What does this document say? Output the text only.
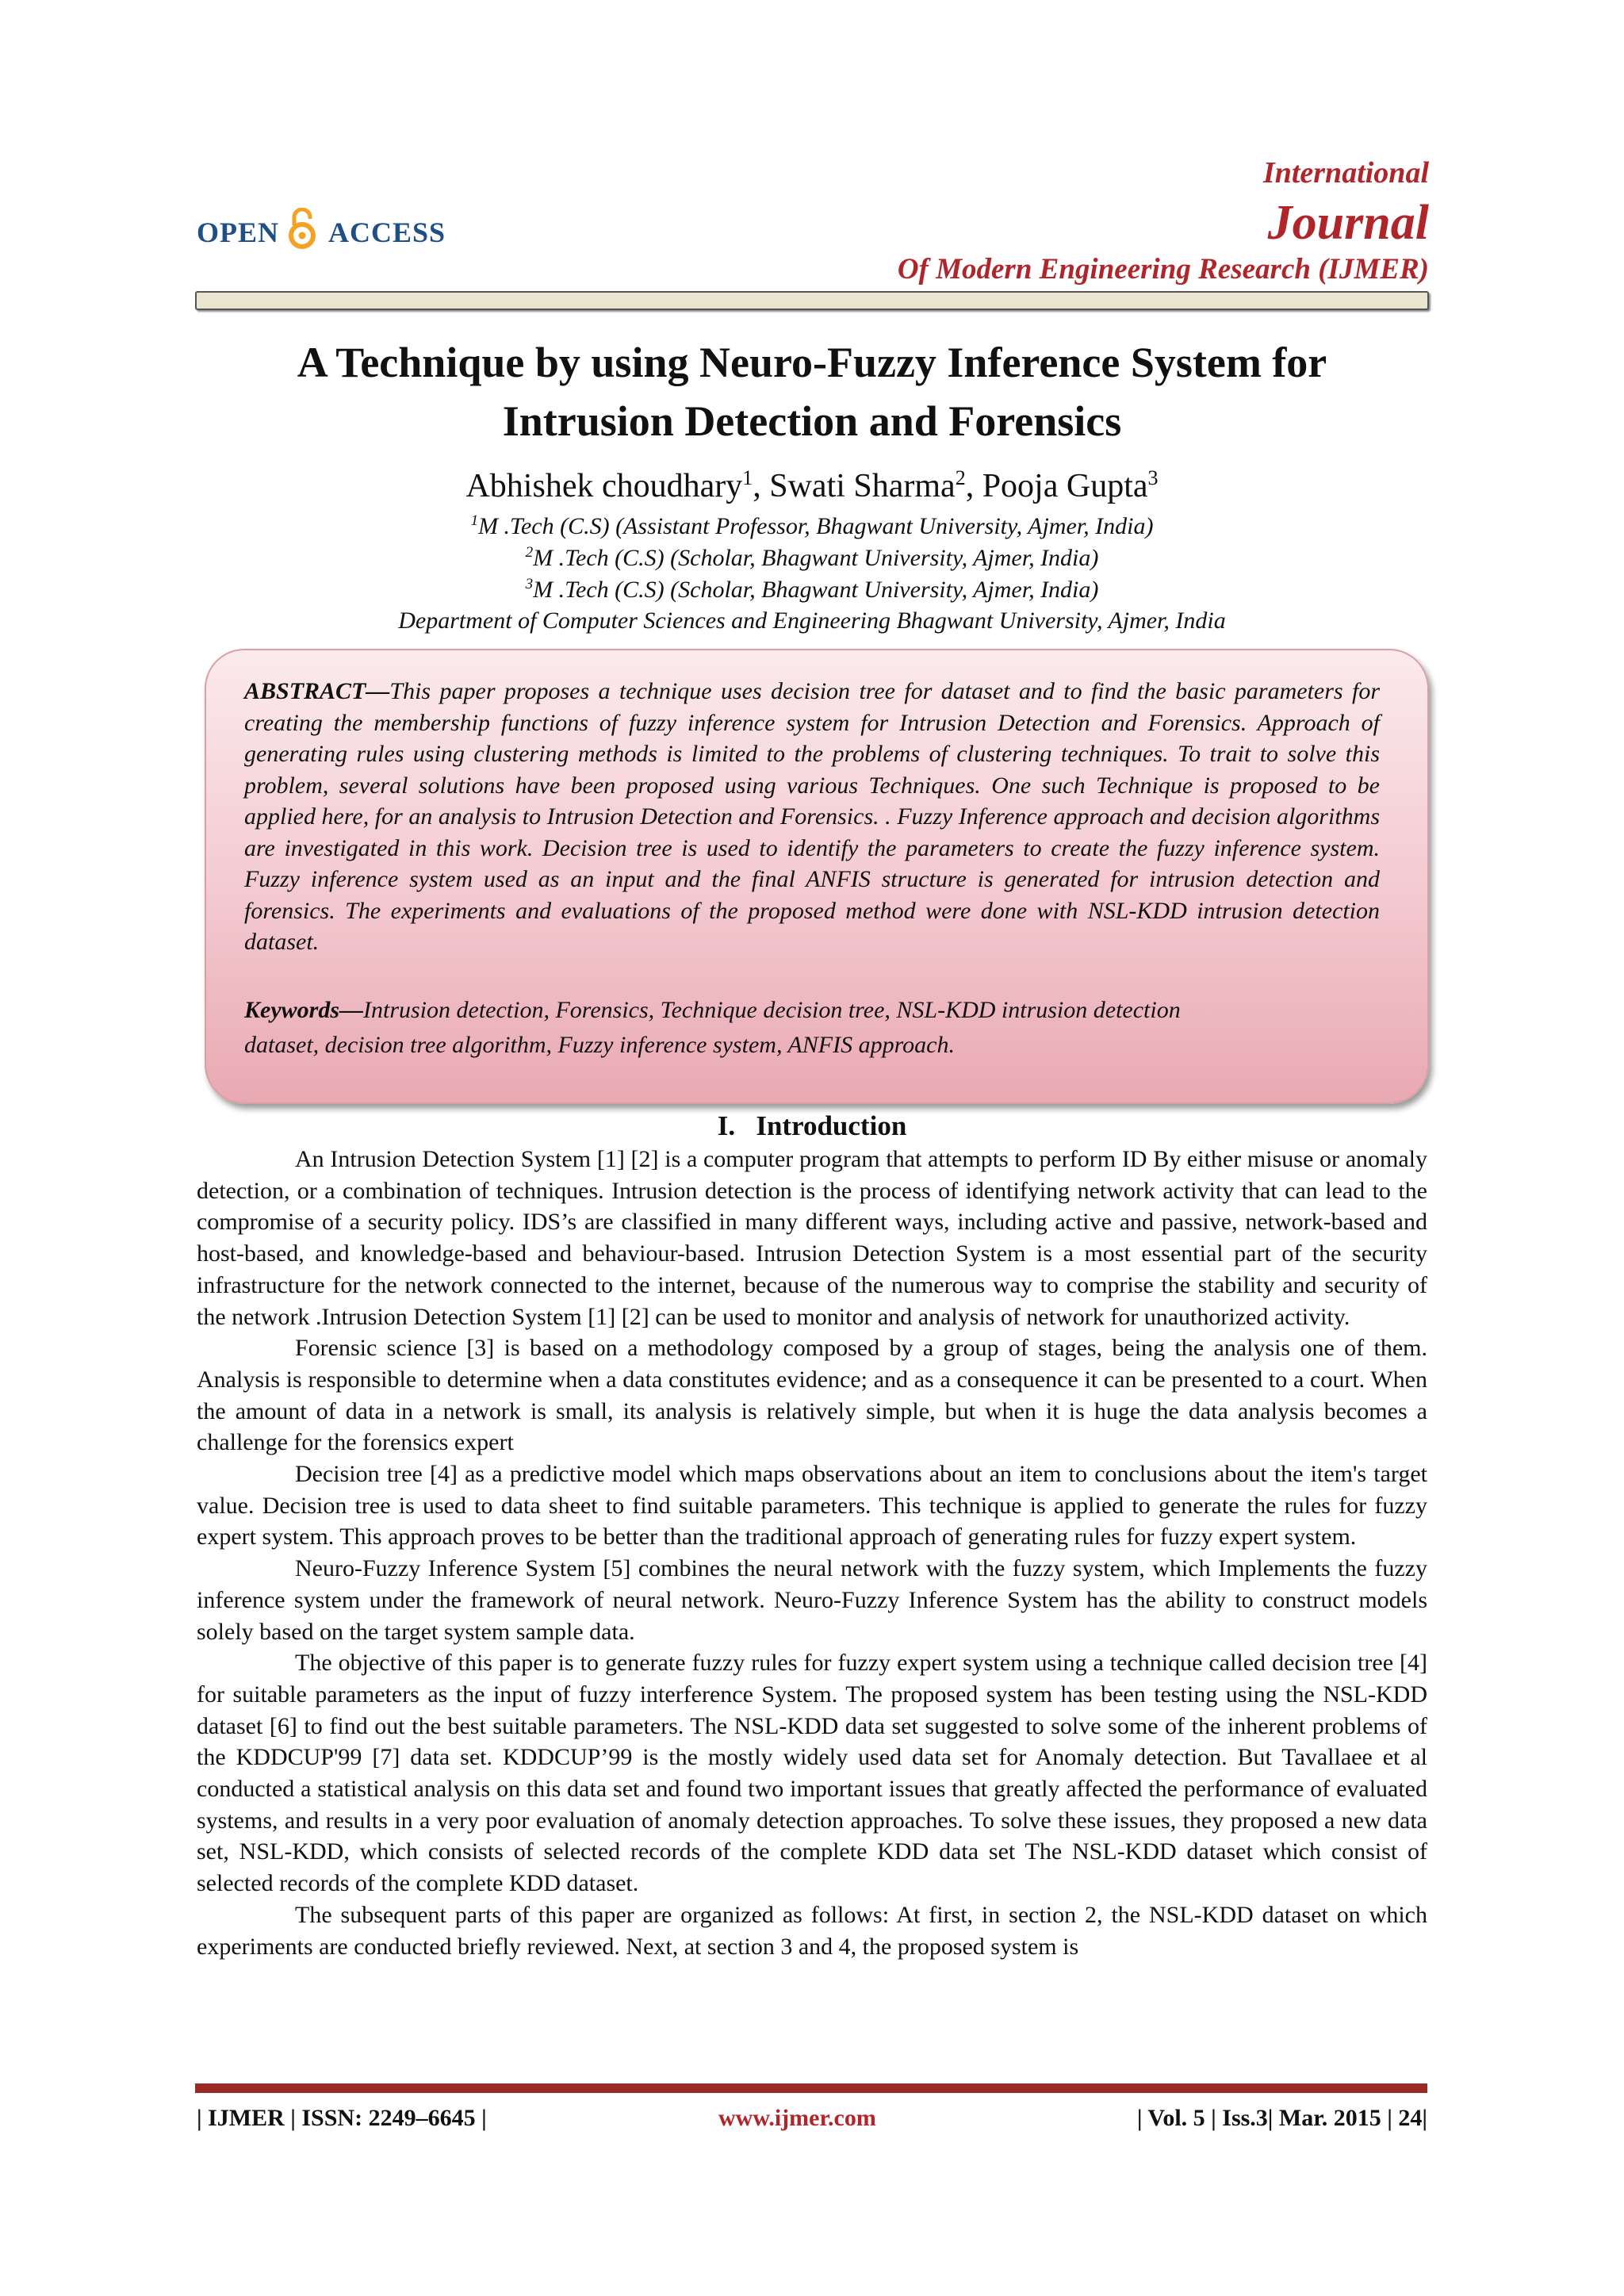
OPEN ACCESS
International
Journal
Of Modern Engineering Research (IJMER)
A Technique by using Neuro-Fuzzy Inference System for
Intrusion Detection and Forensics
Abhishek choudhary$^1$, Swati Sharma$^2$, Pooja Gupta$^3$
$^1$M .Tech (C.S) (Assistant Professor, Bhagwant University, Ajmer, India)
$^2$M .Tech (C.S) (Scholar, Bhagwant University, Ajmer, India)
$^3$M .Tech (C.S) (Scholar, Bhagwant University, Ajmer, India)
Department of Computer Sciences and Engineering Bhagwant University, Ajmer, India
ABSTRACT—This paper proposes a technique uses decision tree for dataset and to find the basic parameters for creating the membership functions of fuzzy inference system for Intrusion Detection and Forensics. Approach of generating rules using clustering methods is limited to the problems of clustering techniques. To trait to solve this problem, several solutions have been proposed using various Techniques. One such Technique is proposed to be applied here, for an analysis to Intrusion Detection and Forensics. . Fuzzy Inference approach and decision algorithms are investigated in this work. Decision tree is used to identify the parameters to create the fuzzy inference system. Fuzzy inference system used as an input and the final ANFIS structure is generated for intrusion detection and forensics. The experiments and evaluations of the proposed method were done with NSL-KDD intrusion detection dataset.
Keywords—Intrusion detection, Forensics, Technique decision tree, NSL-KDD intrusion detection
dataset, decision tree algorithm, Fuzzy inference system, ANFIS approach.
I. Introduction

An Intrusion Detection System [1] [2] is a computer program that attempts to perform ID By either misuse or anomaly detection, or a combination of techniques. Intrusion detection is the process of identifying network activity that can lead to the compromise of a security policy. IDS’s are classified in many different ways, including active and passive, network-based and host-based, and knowledge-based and behaviour-based. Intrusion Detection System is a most essential part of the security infrastructure for the network connected to the internet, because of the numerous way to comprise the stability and security of the network .Intrusion Detection System [1] [2] can be used to monitor and analysis of network for unauthorized activity.

Forensic science [3] is based on a methodology composed by a group of stages, being the analysis one of them. Analysis is responsible to determine when a data constitutes evidence; and as a consequence it can be presented to a court. When the amount of data in a network is small, its analysis is relatively simple, but when it is huge the data analysis becomes a challenge for the forensics expert

Decision tree [4] as a predictive model which maps observations about an item to conclusions about the item's target value. Decision tree is used to data sheet to find suitable parameters. This technique is applied to generate the rules for fuzzy expert system. This approach proves to be better than the traditional approach of generating rules for fuzzy expert system.

Neuro-Fuzzy Inference System [5] combines the neural network with the fuzzy system, which Implements the fuzzy inference system under the framework of neural network. Neuro-Fuzzy Inference System has the ability to construct models solely based on the target system sample data.

The objective of this paper is to generate fuzzy rules for fuzzy expert system using a technique called decision tree [4] for suitable parameters as the input of fuzzy interference System. The proposed system has been testing using the NSL-KDD dataset [6] to find out the best suitable parameters. The NSL-KDD data set suggested to solve some of the inherent problems of the KDDCUP'99 [7] data set. KDDCUP’99 is the mostly widely used data set for Anomaly detection. But Tavallaee et al conducted a statistical analysis on this data set and found two important issues that greatly affected the performance of evaluated systems, and results in a very poor evaluation of anomaly detection approaches. To solve these issues, they proposed a new data set, NSL-KDD, which consists of selected records of the complete KDD data set The NSL-KDD dataset which consist of selected records of the complete KDD dataset.

The subsequent parts of this paper are organized as follows: At first, in section 2, the NSL-KDD dataset on which experiments are conducted briefly reviewed. Next, at section 3 and 4, the proposed system is

| IJMER | ISSN: 2249–6645 |	www.ijmer.com	| Vol. 5 | Iss.3| Mar. 2015 | 24|
